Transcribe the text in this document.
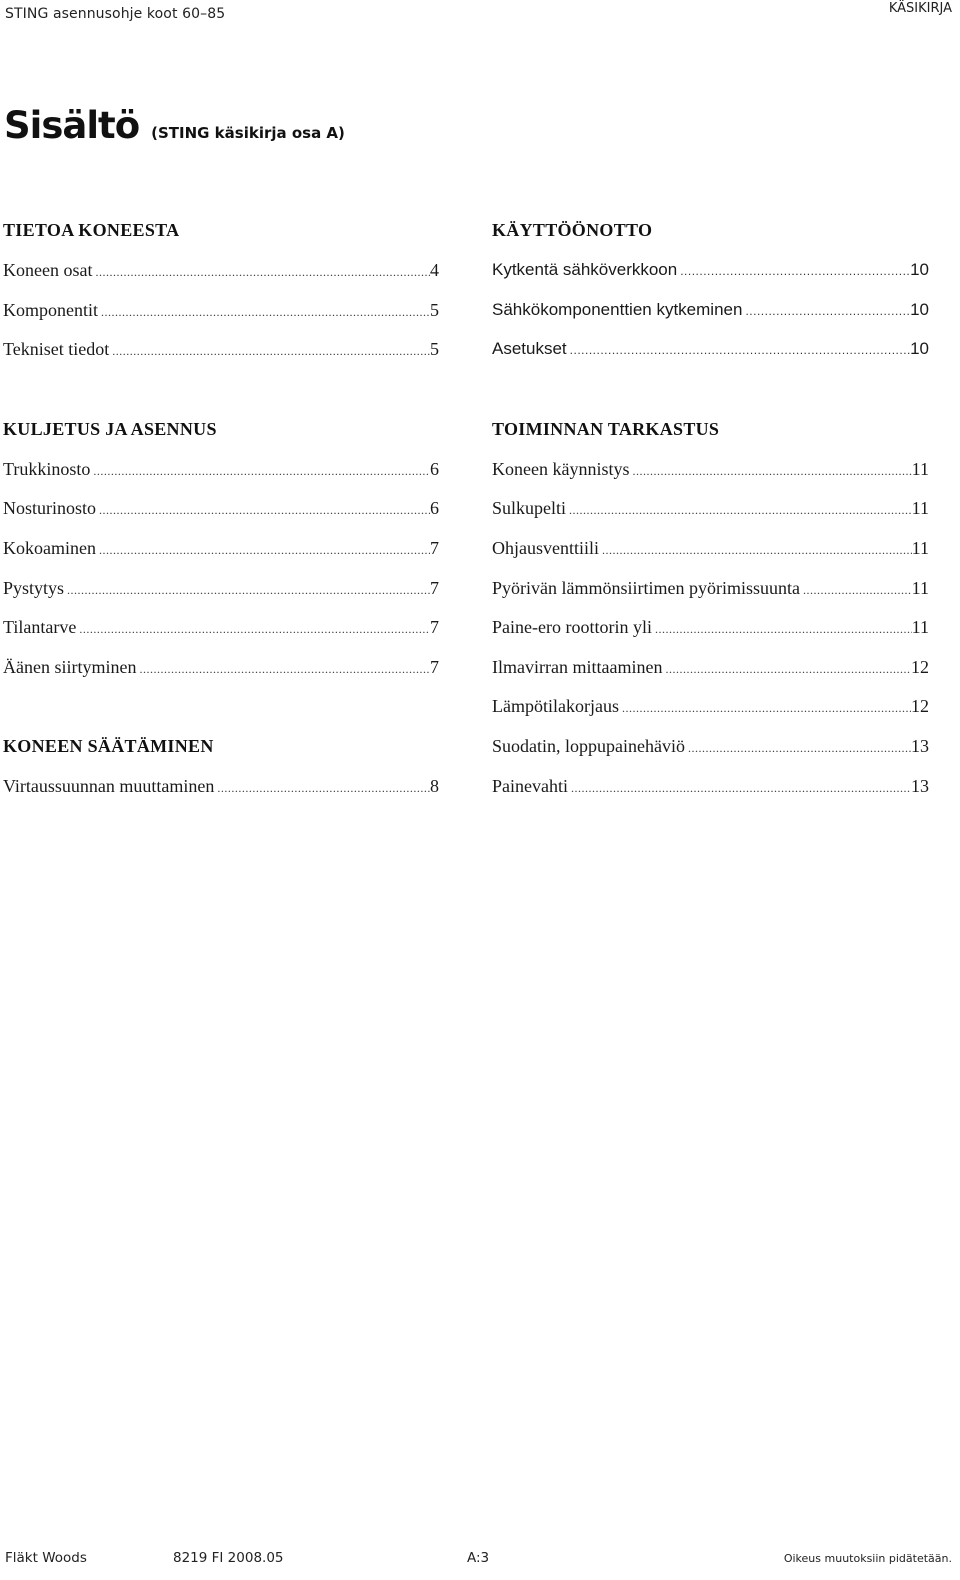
STING asennusohje koot 60–85	KÄSIKIRJA
Sisältö (STING käsikirja osa A)
TIETOA KONEESTA
Koneen osat .....	4
Komponentit .....	5
Tekniset tiedot .....	5
KULJETUS JA ASENNUS
Trukkinosto .....	6
Nosturinosto .....	6
Kokoaminen .....	7
Pystytys .....	7
Tilantarve .....	7
Äänen siirtyminen .....	7
KONEEN SÄÄTÄMINEN
Virtaussuunnan muuttaminen .....	8
KÄYTTÖÖNOTTO
Kytkentä sähköverkkoon .....	10
Sähkökomponenttien kytkeminen .....	10
Asetukset .....	10
TOIMINNAN TARKASTUS
Koneen käynnistys .....	11
Sulkupelti .....	11
Ohjausventtiili .....	11
Pyörivän lämmönsiirtimen pyörimissuunta .....	11
Paine-ero roottorin yli .....	11
Ilmavirran mittaaminen .....	12
Lämpötilakorjaus .....	12
Suodatin, loppupainehäviö .....	13
Painevahti .....	13
Fläkt Woods	8219 FI 2008.05	A:3	Oikeus muutoksiin pidätetään.
